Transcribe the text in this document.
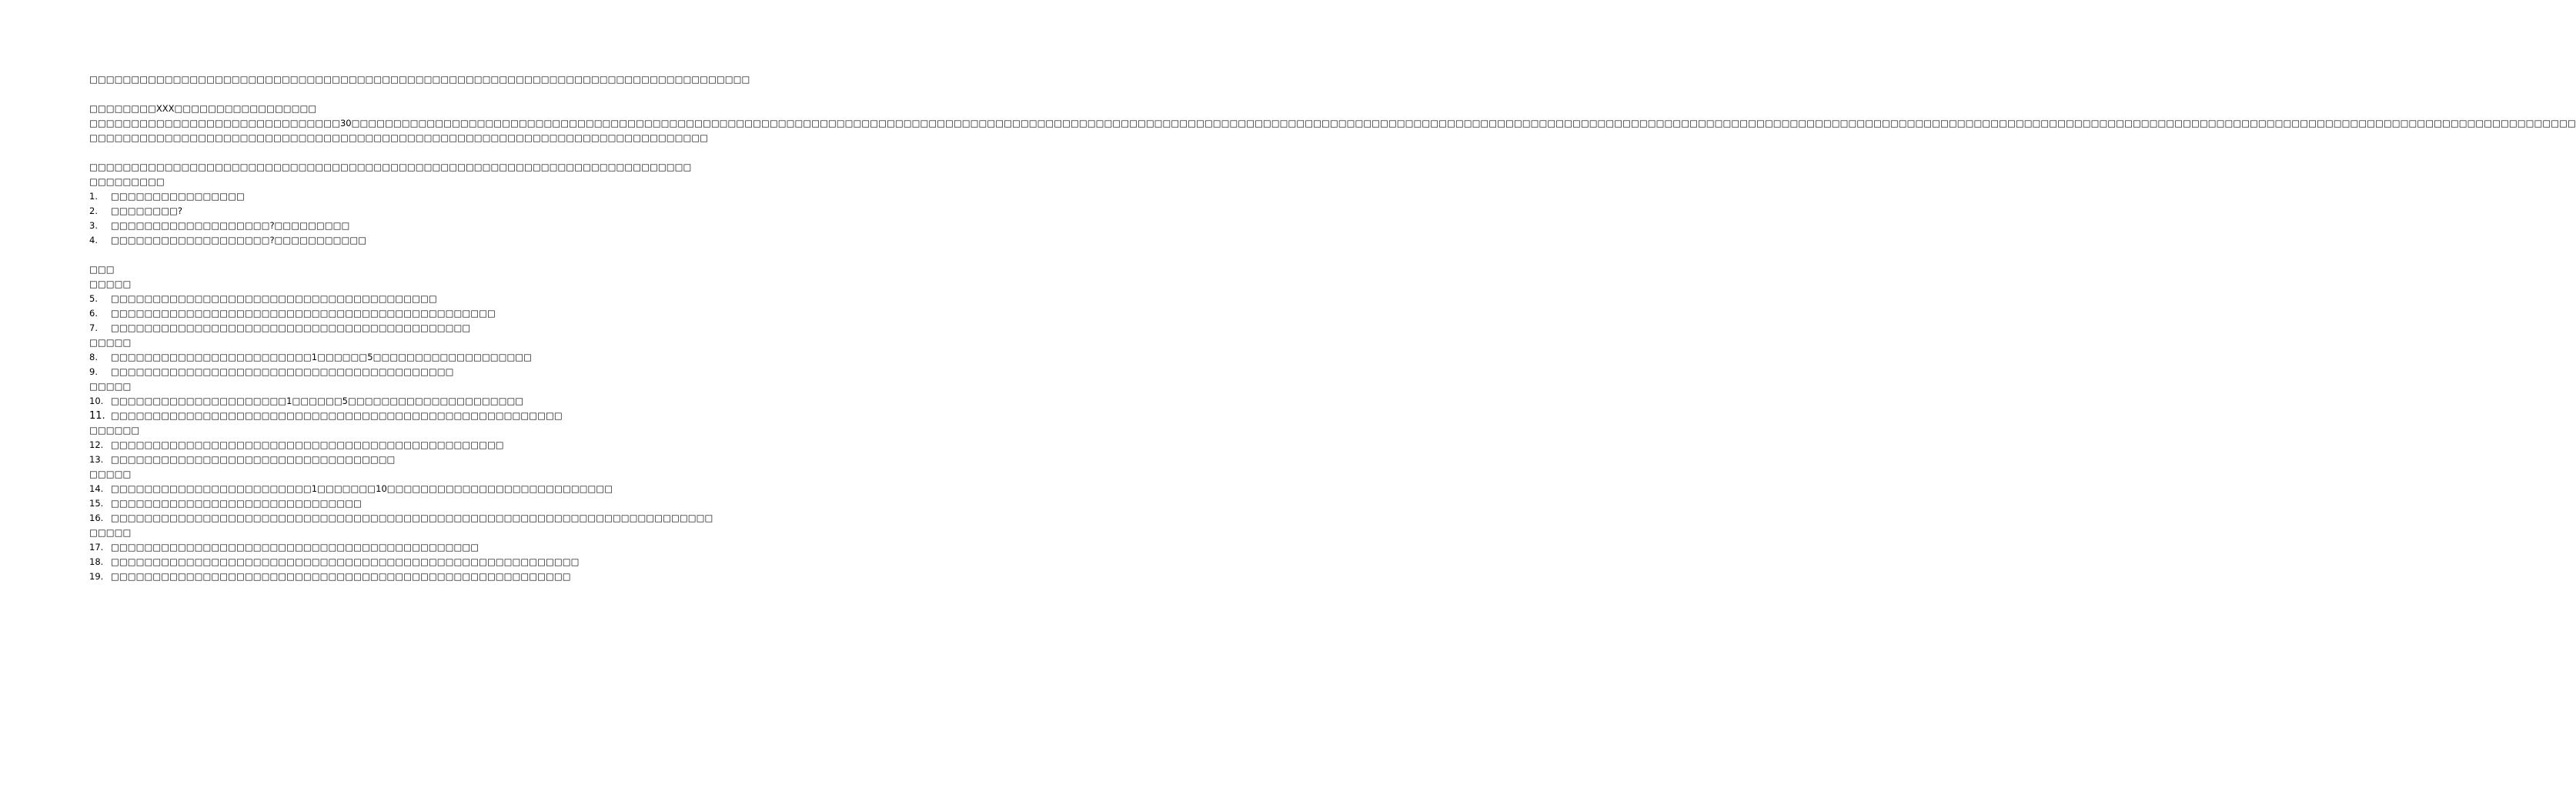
□□□□□□□□□□□□□□□□□□□□□□□□□□□□□□□□□□□□□□□□□□□□□□□□□□□□□□□□□□□□□□□□□□□□□□□□□□□□□□□

□□□□□□□□XXX□□□□□□□□□□□□□□□□□

□□□□□□□□□□□□□□□□□□□□□□□□□□□□□□30□□□□□□□□□□□□□□□□□□□□□□□□□□□□□□□□□□□□□□□□□□□□□□□□□□□□□□□□□□□□□□□□□□□□□□□□□□□□□□□□□□□□□□□□□□□□□□□□□□□□□□□□□□□□□□□□□□□□□□□□□□□□□□□□□□□□□□□□□□□□□□□□□□□□□□□□□□□□□□□□□□□□□□□□□□□□□□□□□□□□□□□□□□□□□□□□□□□□□□□□□□□□□□□□□□□□□□□□□□□□□□□□□□□□□□□□□□□□□□□□□□□□□□□□□□□□□□□□□□□□□□□□□□

□□□□□□□□□□□□□□□□□□□□□□□□□□□□□□□□□□□□□□□□□□□□□□□□□□□□□□□□□□□□□□□□□□□□□□□□□□

□□□□□□□□□□□□□□□□□□□□□□□□□□□□□□□□□□□□□□□□□□□□□□□□□□□□□□□□□□□□□□□□□□□□□□□□

□□□□□□□□□

1.	□□□□□□□□□□□□□□□□
2.	□□□□□□□□?
3.	□□□□□□□□□□□□□□□□□□□?□□□□□□□□□
4.	□□□□□□□□□□□□□□□□□□□?□□□□□□□□□□□

□□□

□□□□□

5.	□□□□□□□□□□□□□□□□□□□□□□□□□□□□□□□□□□□□□□□
6.	□□□□□□□□□□□□□□□□□□□□□□□□□□□□□□□□□□□□□□□□□□□□□□
7.	□□□□□□□□□□□□□□□□□□□□□□□□□□□□□□□□□□□□□□□□□□□

□□□□□

8.	□□□□□□□□□□□□□□□□□□□□□□□□1□□□□□□5□□□□□□□□□□□□□□□□□□□
9.	□□□□□□□□□□□□□□□□□□□□□□□□□□□□□□□□□□□□□□□□□

□□□□□

10. □□□□□□□□□□□□□□□□□□□□□1□□□□□□5□□□□□□□□□□□□□□□□□□□□□
11. □□□□□□□□□□□□□□□□□□□□□□□□□□□□□□□□□□□□□□□□□□□□□□□□□□□□□□

□□□□□□

12. □□□□□□□□□□□□□□□□□□□□□□□□□□□□□□□□□□□□□□□□□□□□□□□
13. □□□□□□□□□□□□□□□□□□□□□□□□□□□□□□□□□□

□□□□□

14. □□□□□□□□□□□□□□□□□□□□□□□□1□□□□□□□10□□□□□□□□□□□□□□□□□□□□□□□□□□□
15. □□□□□□□□□□□□□□□□□□□□□□□□□□□□□□
16. □□□□□□□□□□□□□□□□□□□□□□□□□□□□□□□□□□□□□□□□□□□□□□□□□□□□□□□□□□□□□□□□□□□□□□□□

□□□□□

17. □□□□□□□□□□□□□□□□□□□□□□□□□□□□□□□□□□□□□□□□□□□□
18. □□□□□□□□□□□□□□□□□□□□□□□□□□□□□□□□□□□□□□□□□□□□□□□□□□□□□□□□
19. □□□□□□□□□□□□□□□□□□□□□□□□□□□□□□□□□□□□□□□□□□□□□□□□□□□□□□□
